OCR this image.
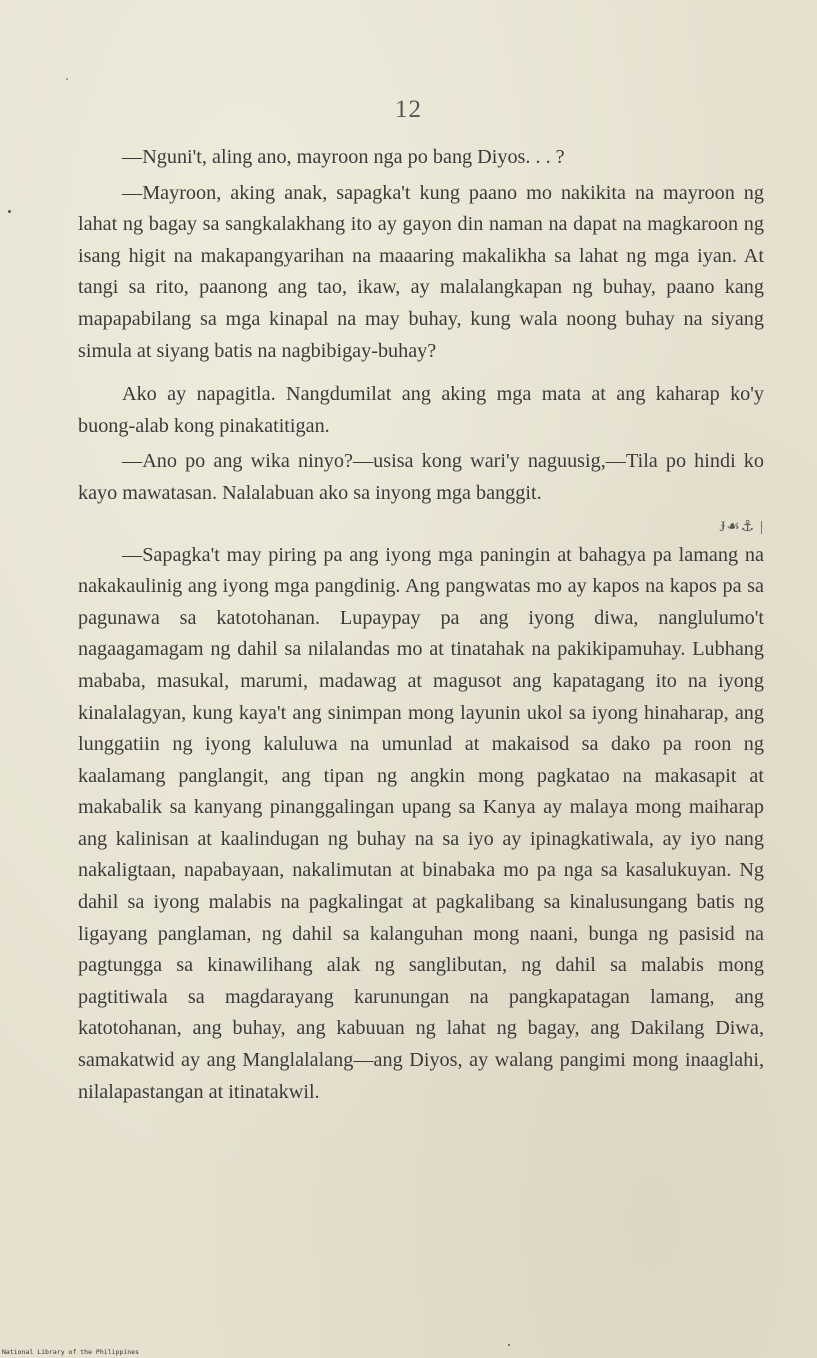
12

—Nguni't, aling ano, mayroon nga po bang Diyos. . . ?

—Mayroon, aking anak, sapagka't kung paano mo nakikita na mayroon ng lahat ng bagay sa sangkalakhang ito ay gayon din naman na dapat na magkaroon ng isang higit na makapangyarihan na maaaring makalikha sa lahat ng mga iyan. At tangi sa rito, paanong ang tao, ikaw, ay malalangkapan ng buhay, paano kang mapapabilang sa mga kinapal na may buhay, kung wala noong buhay na siyang simula at siyang batis na nagbibigay-buhay?

Ako ay napagitla. Nangdumilat ang aking mga mata at ang kaharap ko'y buong-alab kong pinakatitigan.

—Ano po ang wika ninyo?—usisa kong wari'y naguusig,—Tila po hindi ko kayo mawatasan. Nalalabuan ako sa inyong mga banggit.

Ɉ☙⚓︎ |

—Sapagka't may piring pa ang iyong mga paningin at bahagya pa lamang na nakakaulinig ang iyong mga pangdinig. Ang pangwatas mo ay kapos na kapos pa sa pagunawa sa katotohanan. Lupaypay pa ang iyong diwa, nanglulumo't nagaagamagam ng dahil sa nilalandas mo at tinatahak na pakikipamuhay. Lubhang mababa, masukal, marumi, madawag at magusot ang kapatagang ito na iyong kinalalagyan, kung kaya't ang sinimpan mong layunin ukol sa iyong hinaharap, ang lunggatiin ng iyong kaluluwa na umunlad at makaisod sa dako pa roon ng kaalamang panglangit, ang tipan ng angkin mong pagkatao na makasapit at makabalik sa kanyang pinanggalingan upang sa Kanya ay malaya mong maiharap ang kalinisan at kaalindugan ng buhay na sa iyo ay ipinagkatiwala, ay iyo nang nakaligtaan, napabayaan, nakalimutan at binabaka mo pa nga sa kasalukuyan. Ng dahil sa iyong malabis na pagkalingat at pagkalibang sa kinalusungang batis ng ligayang panglaman, ng dahil sa kalanguhan mong naani, bunga ng pasisid na pagtungga sa kinawilihang alak ng sanglibutan, ng dahil sa malabis mong pagtitiwala sa magdarayang karunungan na pangkapatagan lamang, ang katotohanan, ang buhay, ang kabuuan ng lahat ng bagay, ang Dakilang Diwa, samakatwid ay ang Manglalalang—ang Diyos, ay walang pangimi mong inaaglahi, nilalapastangan at itinatakwil.

National Library of the Philippines
